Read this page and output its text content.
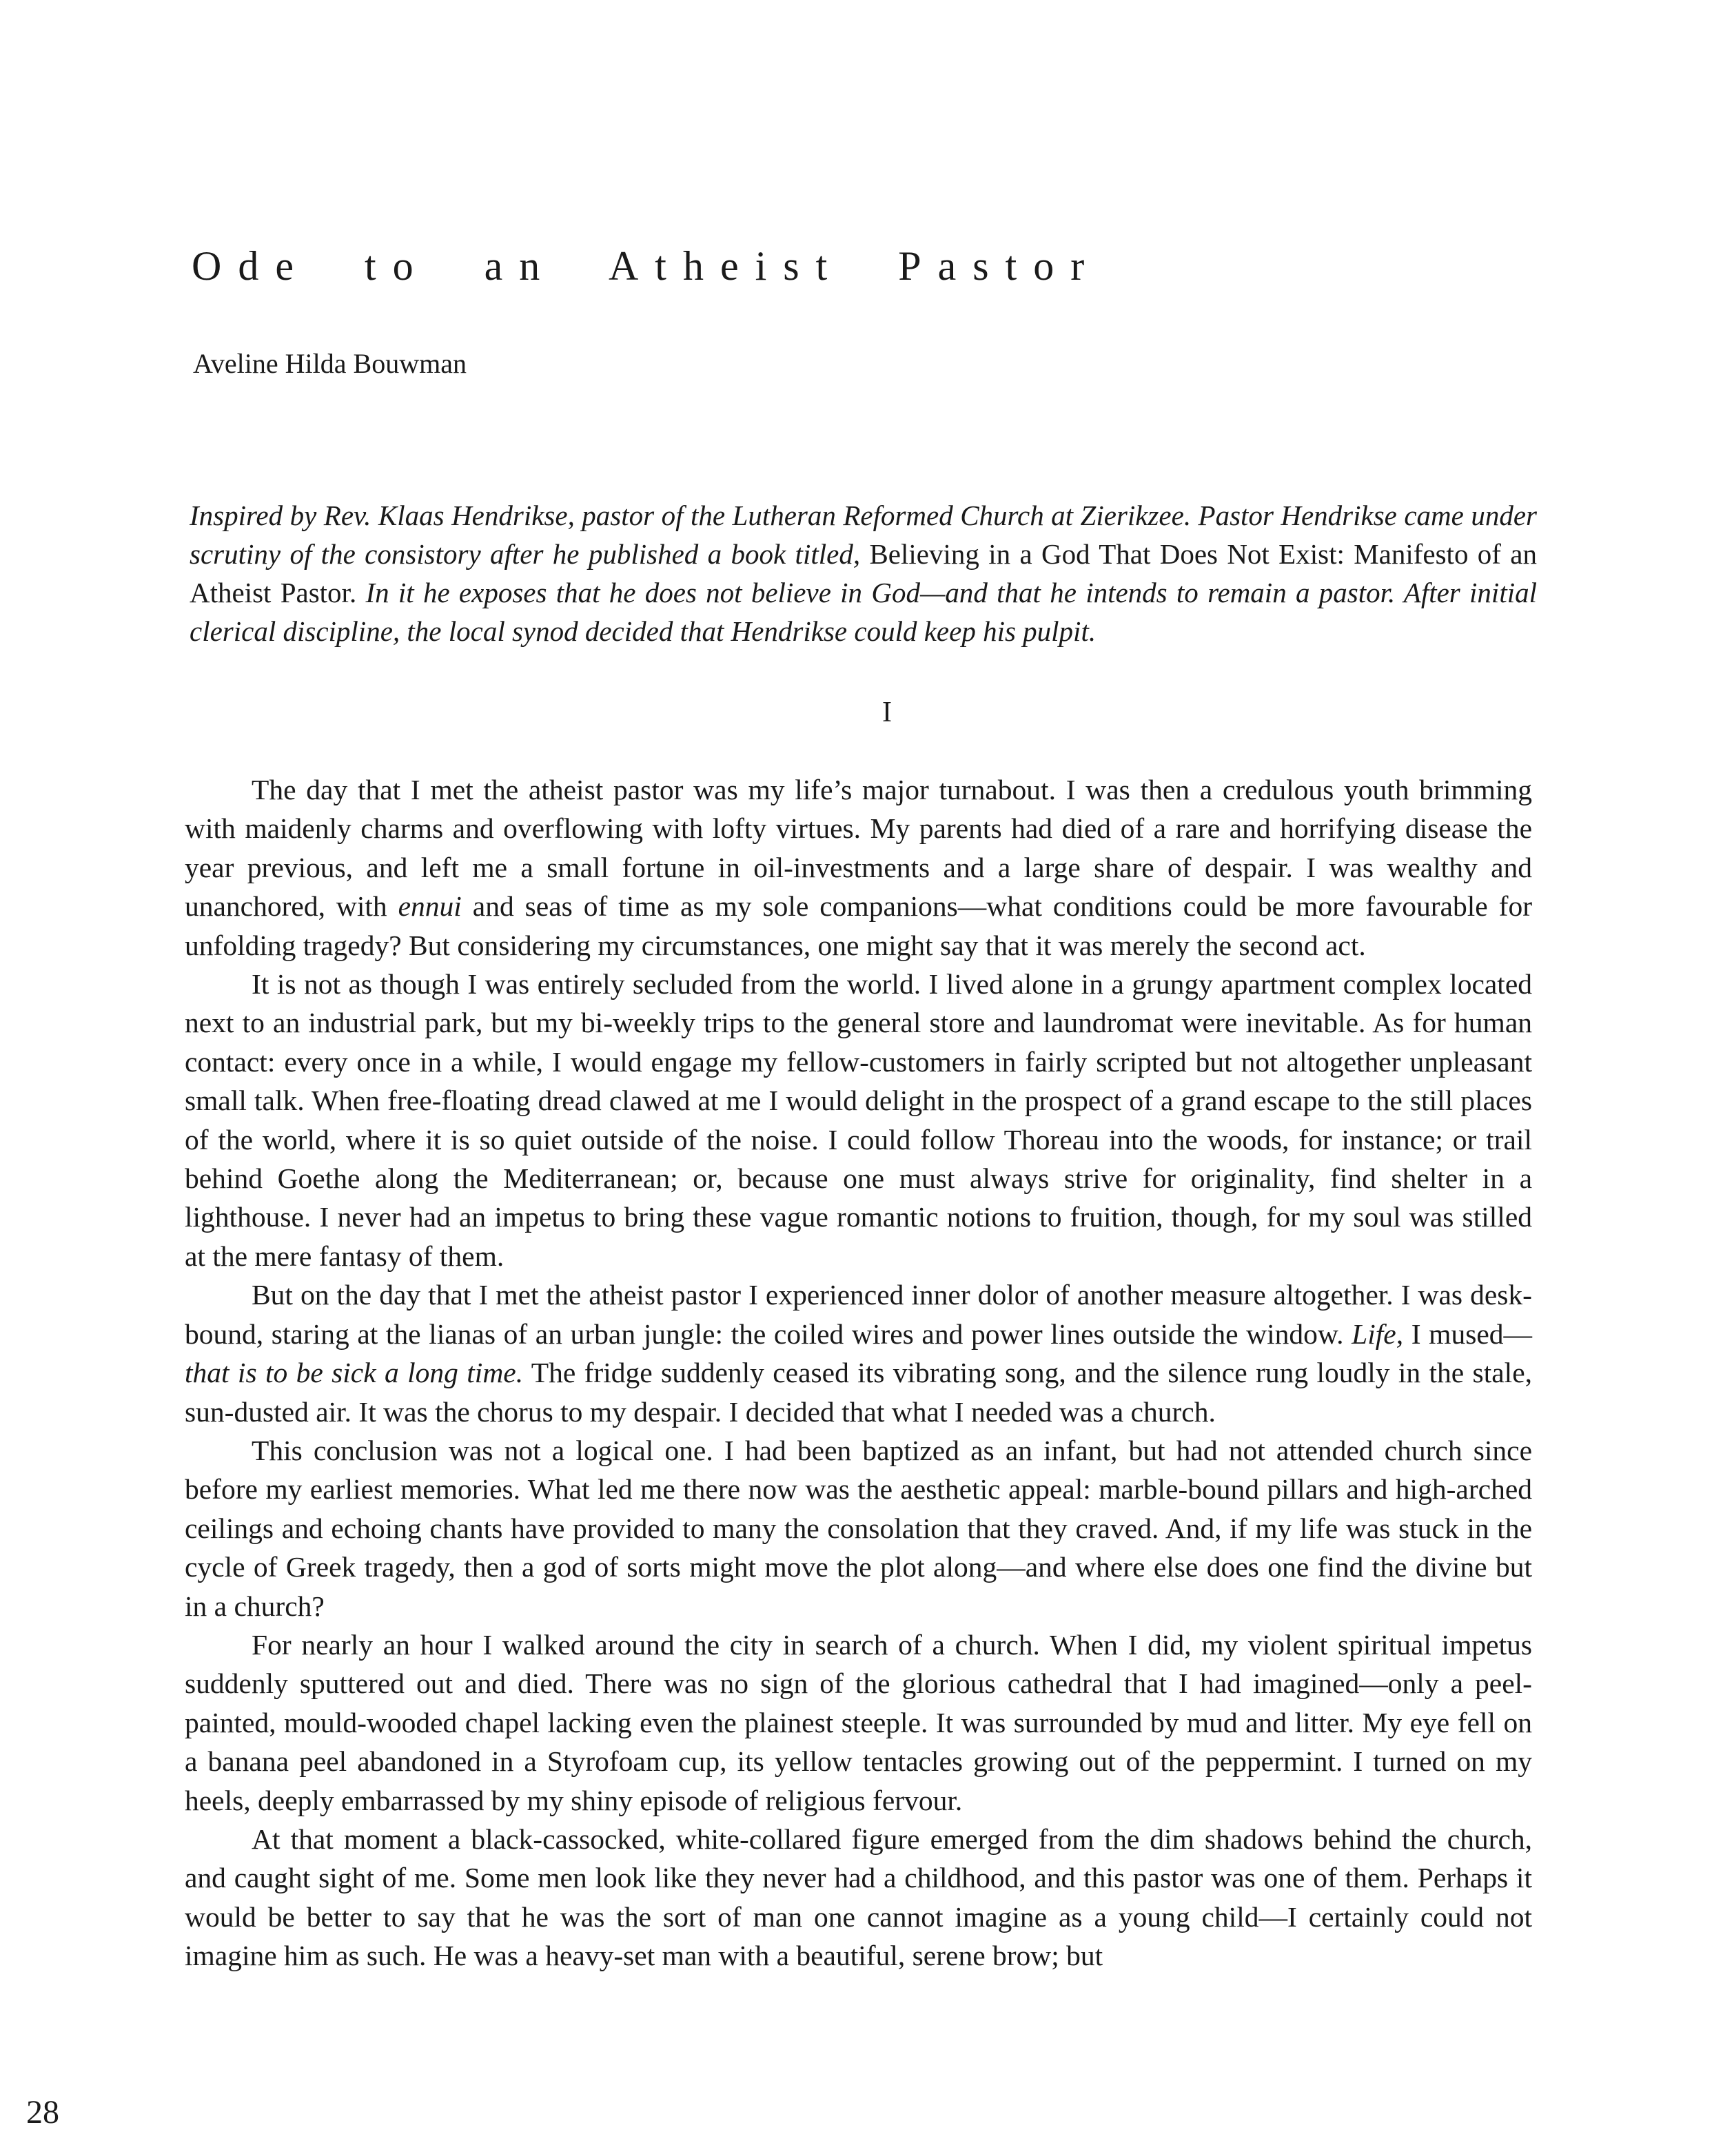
Ode to an Atheist Pastor
Aveline Hilda Bouwman

Inspired by Rev. Klaas Hendrikse, pastor of the Lutheran Reformed Church at Zierikzee. Pastor Hendrikse came under scrutiny of the consistory after he published a book titled, Believing in a God That Does Not Exist: Manifesto of an Atheist Pastor. In it he exposes that he does not believe in God—and that he intends to remain a pastor. After initial clerical discipline, the local synod decided that Hendrikse could keep his pulpit.

I

The day that I met the atheist pastor was my life’s major turnabout. I was then a credulous youth brimming with maidenly charms and overflowing with lofty virtues. My parents had died of a rare and horrifying disease the year previous, and left me a small fortune in oil-investments and a large share of despair. I was wealthy and unanchored, with ennui and seas of time as my sole companions—what conditions could be more favourable for unfolding tragedy? But considering my circumstances, one might say that it was merely the second act.

It is not as though I was entirely secluded from the world. I lived alone in a grungy apartment complex located next to an industrial park, but my bi-weekly trips to the general store and laundromat were inevitable. As for human contact: every once in a while, I would engage my fellow-customers in fairly scripted but not altogether unpleasant small talk. When free-floating dread clawed at me I would delight in the prospect of a grand escape to the still places of the world, where it is so quiet outside of the noise. I could follow Thoreau into the woods, for instance; or trail behind Goethe along the Mediterranean; or, because one must always strive for originality, find shelter in a lighthouse. I never had an impetus to bring these vague romantic notions to fruition, though, for my soul was stilled at the mere fantasy of them.

But on the day that I met the atheist pastor I experienced inner dolor of another measure altogether. I was desk-bound, staring at the lianas of an urban jungle: the coiled wires and power lines outside the window. Life, I mused—that is to be sick a long time. The fridge suddenly ceased its vibrating song, and the silence rung loudly in the stale, sun-dusted air. It was the chorus to my despair. I decided that what I needed was a church.

This conclusion was not a logical one. I had been baptized as an infant, but had not attended church since before my earliest memories. What led me there now was the aesthetic appeal: marble-bound pillars and high-arched ceilings and echoing chants have provided to many the consolation that they craved. And, if my life was stuck in the cycle of Greek tragedy, then a god of sorts might move the plot along—and where else does one find the divine but in a church?

For nearly an hour I walked around the city in search of a church. When I did, my violent spiritual impetus suddenly sputtered out and died. There was no sign of the glorious cathedral that I had imagined—only a peel-painted, mould-wooded chapel lacking even the plainest steeple. It was surrounded by mud and litter. My eye fell on a banana peel abandoned in a Styrofoam cup, its yellow tentacles growing out of the peppermint. I turned on my heels, deeply embarrassed by my shiny episode of religious fervour.

At that moment a black-cassocked, white-collared figure emerged from the dim shadows behind the church, and caught sight of me. Some men look like they never had a childhood, and this pastor was one of them. Perhaps it would be better to say that he was the sort of man one cannot imagine as a young child—I certainly could not imagine him as such. He was a heavy-set man with a beautiful, serene brow; but

28
